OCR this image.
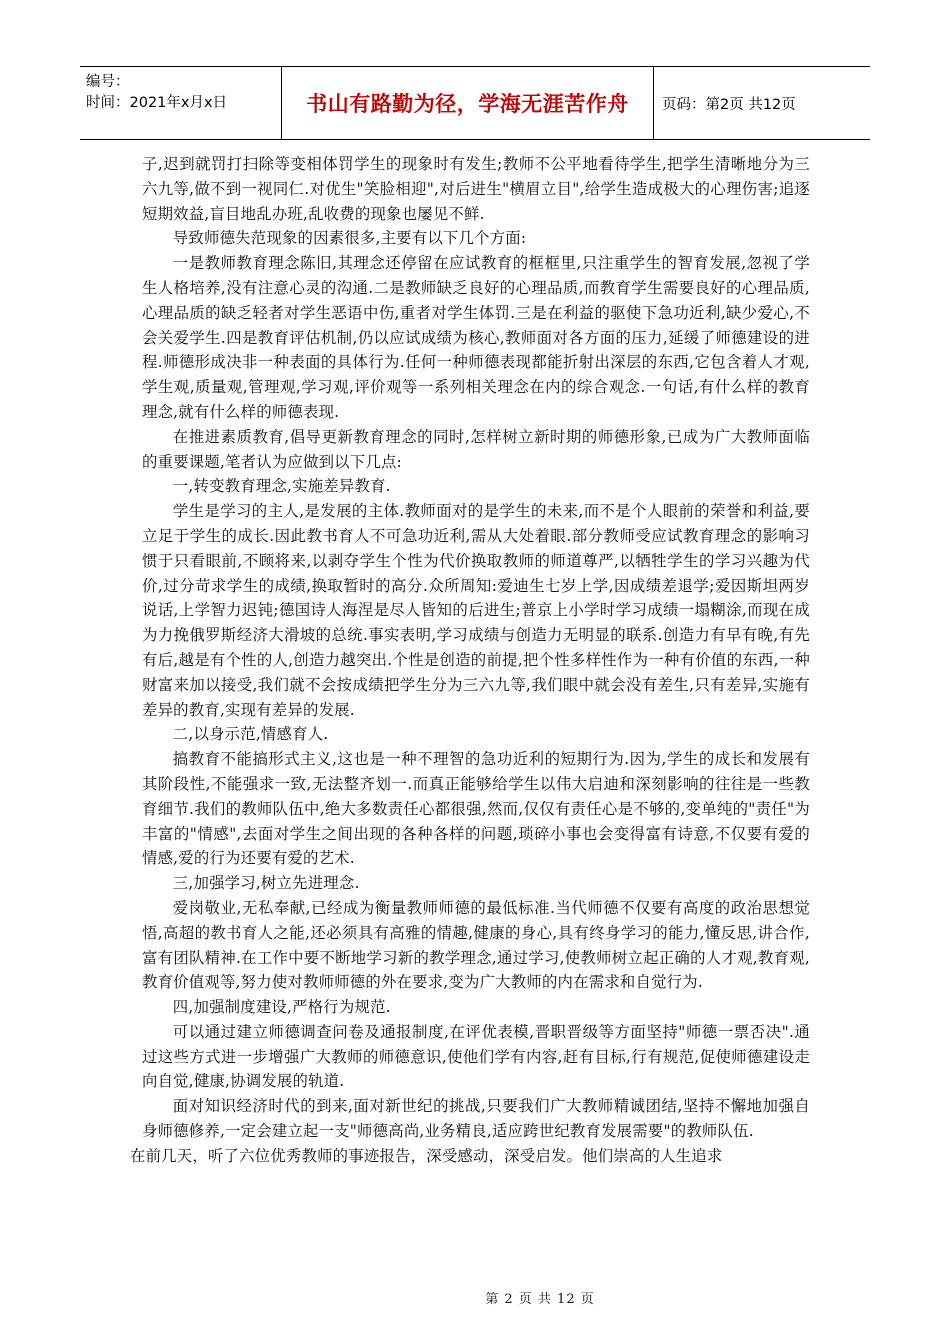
编号：
时间：2021年x月x日	书山有路勤为径，学海无涯苦作舟	页码：第2页 共12页

子,迟到就罚打扫除等变相体罚学生的现象时有发生;教师不公平地看待学生,把学生清晰地分为三六九等,做不到一视同仁.对优生"笑脸相迎",对后进生"横眉立目",给学生造成极大的心理伤害;追逐短期效益,盲目地乱办班,乱收费的现象也屡见不鲜.

导致师德失范现象的因素很多,主要有以下几个方面:

一是教师教育理念陈旧,其理念还停留在应试教育的框框里,只注重学生的智育发展,忽视了学生人格培养,没有注意心灵的沟通.二是教师缺乏良好的心理品质,而教育学生需要良好的心理品质,心理品质的缺乏轻者对学生恶语中伤,重者对学生体罚.三是在利益的驱使下急功近利,缺少爱心,不会关爱学生.四是教育评估机制,仍以应试成绩为核心,教师面对各方面的压力,延缓了师德建设的进程.师德形成决非一种表面的具体行为.任何一种师德表现都能折射出深层的东西,它包含着人才观,学生观,质量观,管理观,学习观,评价观等一系列相关理念在内的综合观念.一句话,有什么样的教育理念,就有什么样的师德表现.

在推进素质教育,倡导更新教育理念的同时,怎样树立新时期的师德形象,已成为广大教师面临的重要课题,笔者认为应做到以下几点:

一,转变教育理念,实施差异教育.

学生是学习的主人,是发展的主体.教师面对的是学生的未来,而不是个人眼前的荣誉和利益,要立足于学生的成长.因此教书育人不可急功近利,需从大处着眼.部分教师受应试教育理念的影响习惯于只看眼前,不顾将来,以剥夺学生个性为代价换取教师的师道尊严,以牺牲学生的学习兴趣为代价,过分苛求学生的成绩,换取暂时的高分.众所周知:爱迪生七岁上学,因成绩差退学;爱因斯坦两岁说话,上学智力迟钝;德国诗人海涅是尽人皆知的后进生;普京上小学时学习成绩一塌糊涂,而现在成为力挽俄罗斯经济大滑坡的总统.事实表明,学习成绩与创造力无明显的联系.创造力有早有晚,有先有后,越是有个性的人,创造力越突出.个性是创造的前提,把个性多样性作为一种有价值的东西,一种财富来加以接受,我们就不会按成绩把学生分为三六九等,我们眼中就会没有差生,只有差异,实施有差异的教育,实现有差异的发展.

二,以身示范,情感育人.

搞教育不能搞形式主义,这也是一种不理智的急功近利的短期行为.因为,学生的成长和发展有其阶段性,不能强求一致,无法整齐划一.而真正能够给学生以伟大启迪和深刻影响的往往是一些教育细节.我们的教师队伍中,绝大多数责任心都很强,然而,仅仅有责任心是不够的,变单纯的"责任"为丰富的"情感",去面对学生之间出现的各种各样的问题,琐碎小事也会变得富有诗意,不仅要有爱的情感,爱的行为还要有爱的艺术.

三,加强学习,树立先进理念.

爱岗敬业,无私奉献,已经成为衡量教师师德的最低标准.当代师德不仅要有高度的政治思想觉悟,高超的教书育人之能,还必须具有高雅的情趣,健康的身心,具有终身学习的能力,懂反思,讲合作,富有团队精神.在工作中要不断地学习新的教学理念,通过学习,使教师树立起正确的人才观,教育观,教育价值观等,努力使对教师师德的外在要求,变为广大教师的内在需求和自觉行为.

四,加强制度建设,严格行为规范.

可以通过建立师德调查问卷及通报制度,在评优表模,晋职晋级等方面坚持"师德一票否决".通过这些方式进一步增强广大教师的师德意识,使他们学有内容,赶有目标,行有规范,促使师德建设走向自觉,健康,协调发展的轨道.

面对知识经济时代的到来,面对新世纪的挑战,只要我们广大教师精诚团结,坚持不懈地加强自身师德修养,一定会建立起一支"师德高尚,业务精良,适应跨世纪教育发展需要"的教师队伍.

在前几天，听了六位优秀教师的事迹报告，深受感动，深受启发。他们崇高的人生追求

第 2 页 共 12 页
